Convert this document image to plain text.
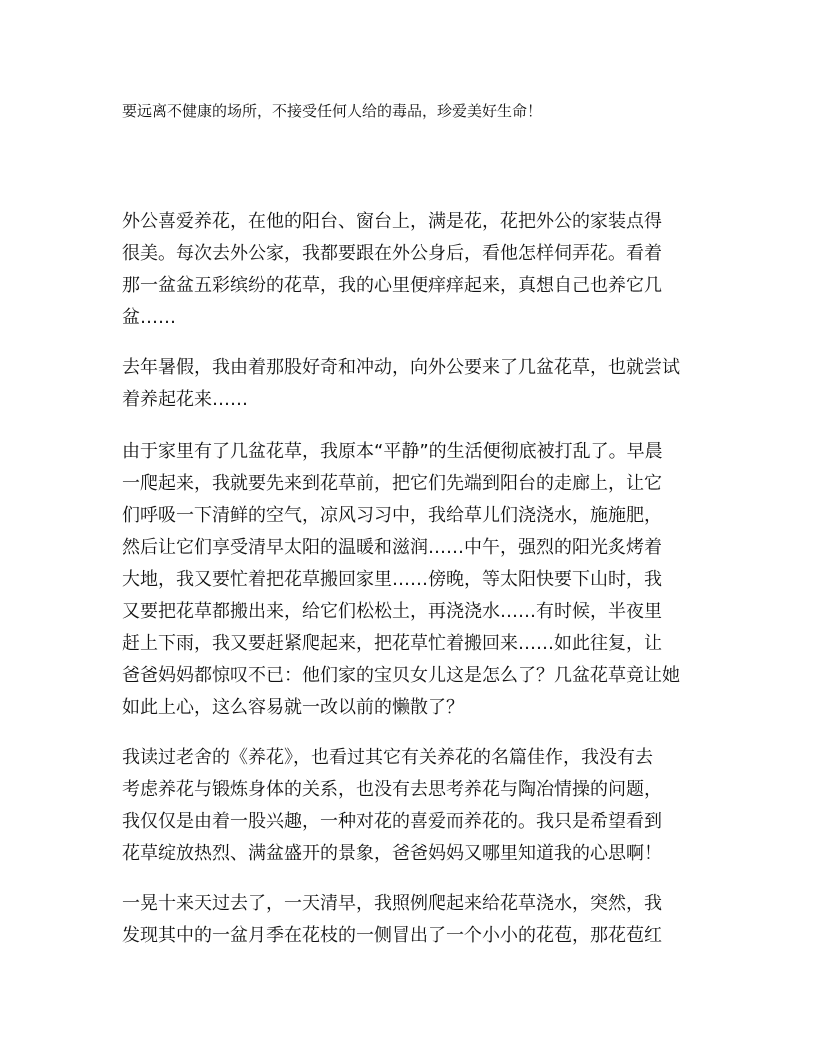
要远离不健康的场所，不接受任何人给的毒品，珍爱美好生命！
外公喜爱养花，在他的阳台、窗台上，满是花，花把外公的家装点得
很美。每次去外公家，我都要跟在外公身后，看他怎样伺弄花。看着
那一盆盆五彩缤纷的花草，我的心里便痒痒起来，真想自己也养它几
盆……
去年暑假，我由着那股好奇和冲动，向外公要来了几盆花草，也就尝试
着养起花来……
由于家里有了几盆花草，我原本“平静”的生活便彻底被打乱了。早晨
一爬起来，我就要先来到花草前，把它们先端到阳台的走廊上，让它
们呼吸一下清鲜的空气，凉风习习中，我给草儿们浇浇水，施施肥，
然后让它们享受清早太阳的温暖和滋润……中午，强烈的阳光炙烤着
大地，我又要忙着把花草搬回家里……傍晚，等太阳快要下山时，我
又要把花草都搬出来，给它们松松土，再浇浇水……有时候，半夜里
赶上下雨，我又要赶紧爬起来，把花草忙着搬回来……如此往复，让
爸爸妈妈都惊叹不已：他们家的宝贝女儿这是怎么了？几盆花草竟让她
如此上心，这么容易就一改以前的懒散了？
我读过老舍的《养花》，也看过其它有关养花的名篇佳作，我没有去
考虑养花与锻炼身体的关系，也没有去思考养花与陶冶情操的问题，
我仅仅是由着一股兴趣，一种对花的喜爱而养花的。我只是希望看到
花草绽放热烈、满盆盛开的景象，爸爸妈妈又哪里知道我的心思啊！
一晃十来天过去了，一天清早，我照例爬起来给花草浇水，突然，我
发现其中的一盆月季在花枝的一侧冒出了一个小小的花苞，那花苞红
